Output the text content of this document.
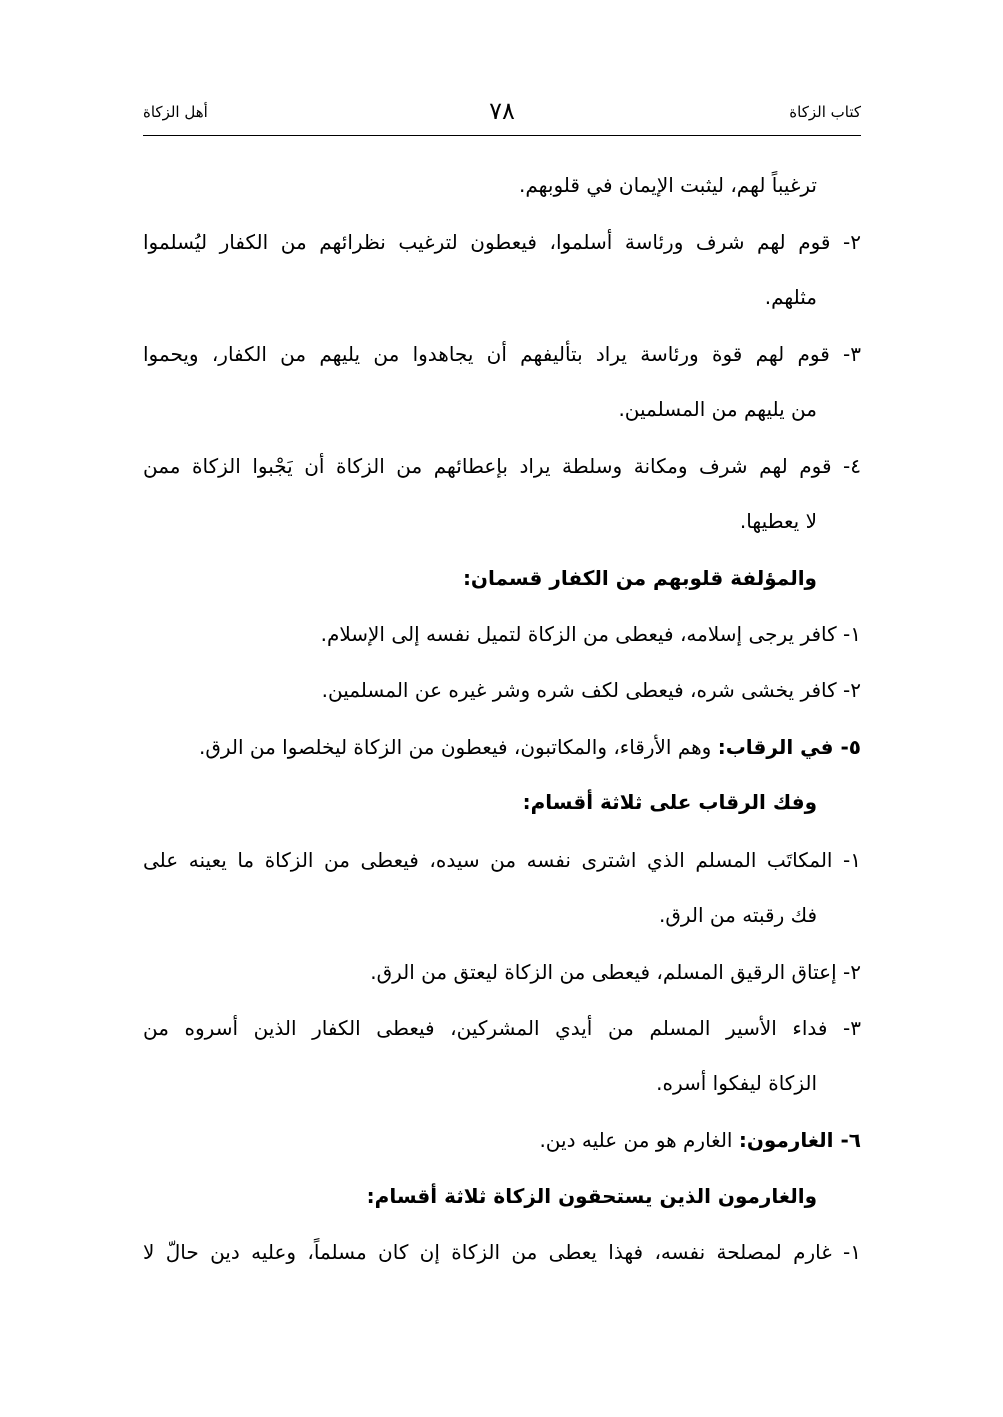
كتاب الزكاة
٧٨
أهل الزكاة
ترغيباً لهم، ليثبت الإيمان في قلوبهم.
٢- قوم لهم شرف ورئاسة أسلموا، فيعطون لترغيب نظرائهم من الكفار ليُسلموا
مثلهم.
٣- قوم لهم قوة ورئاسة يراد بتأليفهم أن يجاهدوا من يليهم من الكفار، ويحموا
من يليهم من المسلمين.
٤- قوم لهم شرف ومكانة وسلطة يراد بإعطائهم من الزكاة أن يَجْبوا الزكاة ممن
لا يعطيها.
والمؤلفة قلوبهم من الكفار قسمان:
١- كافر يرجى إسلامه، فيعطى من الزكاة لتميل نفسه إلى الإسلام.
٢- كافر يخشى شره، فيعطى لكف شره وشر غيره عن المسلمين.
٥- في الرقاب: وهم الأرقاء، والمكاتبون، فيعطون من الزكاة ليخلصوا من الرق.
وفك الرقاب على ثلاثة أقسام:
١- المكاتَب المسلم الذي اشترى نفسه من سيده، فيعطى من الزكاة ما يعينه على
فك رقبته من الرق.
٢- إعتاق الرقيق المسلم، فيعطى من الزكاة ليعتق من الرق.
٣- فداء الأسير المسلم من أيدي المشركين، فيعطى الكفار الذين أسروه من
الزكاة ليفكوا أسره.
٦- الغارمون: الغارم هو من عليه دين.
والغارمون الذين يستحقون الزكاة ثلاثة أقسام:
١- غارم لمصلحة نفسه، فهذا يعطى من الزكاة إن كان مسلماً، وعليه دين حالّ لا
